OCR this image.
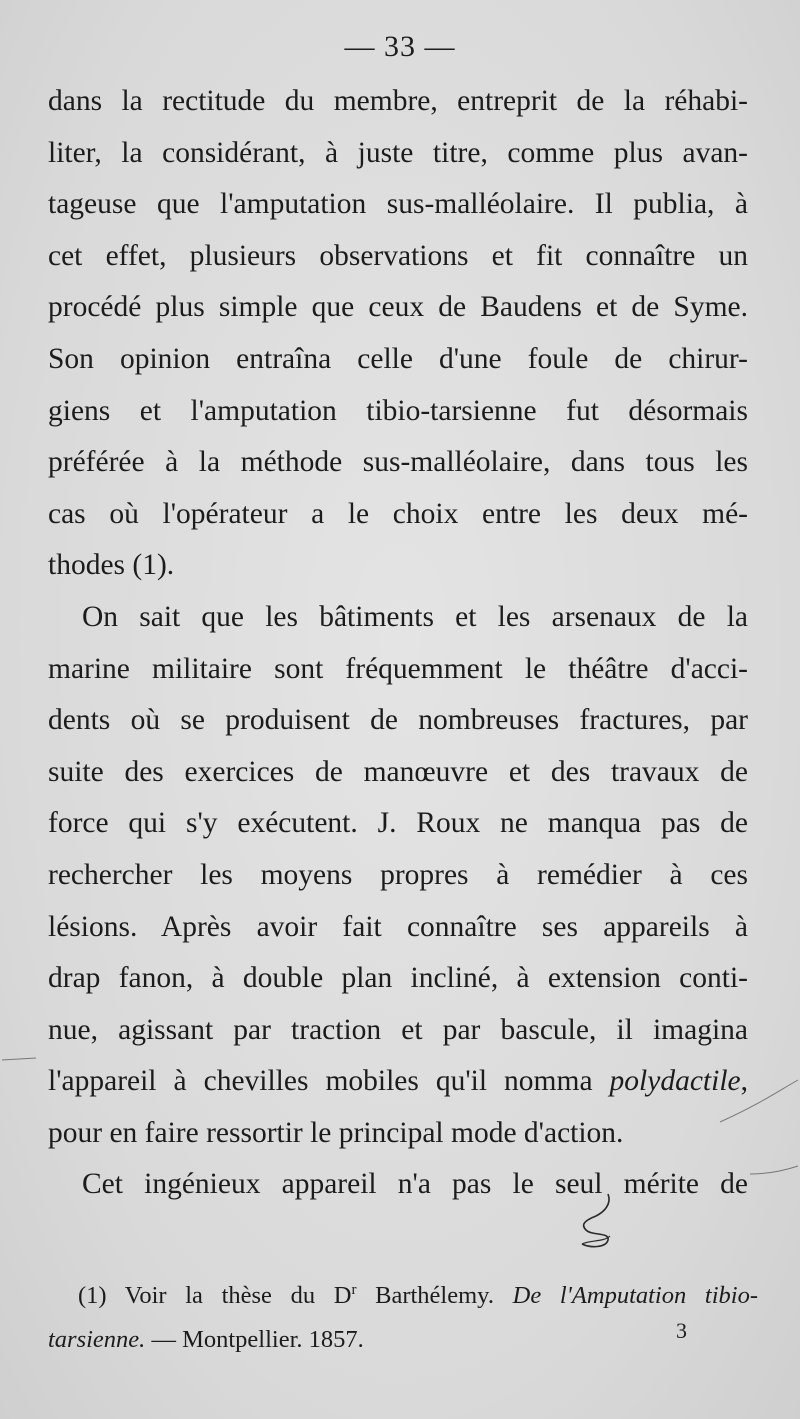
— 33 —
dans la rectitude du membre, entreprit de la réhabi-
liter, la considérant, à juste titre, comme plus avan-
tageuse que l'amputation sus-malléolaire. Il publia, à
cet effet, plusieurs observations et fit connaître un
procédé plus simple que ceux de Baudens et de Syme.
Son opinion entraîna celle d'une foule de chirur-
giens et l'amputation tibio-tarsienne fut désormais
préférée à la méthode sus-malléolaire, dans tous les
cas où l'opérateur a le choix entre les deux mé-
thodes (1).
On sait que les bâtiments et les arsenaux de la
marine militaire sont fréquemment le théâtre d'acci-
dents où se produisent de nombreuses fractures, par
suite des exercices de manœuvre et des travaux de
force qui s'y exécutent. J. Roux ne manqua pas de
rechercher les moyens propres à remédier à ces
lésions. Après avoir fait connaître ses appareils à
drap fanon, à double plan incliné, à extension conti-
nue, agissant par traction et par bascule, il imagina
l'appareil à chevilles mobiles qu'il nomma polydactile,
pour en faire ressortir le principal mode d'action.
Cet ingénieux appareil n'a pas le seul mérite de
(1) Voir la thèse du $D^r$ Barthélemy. De l'Amputation tibio-
tarsienne. — Montpellier. 1857.	3
